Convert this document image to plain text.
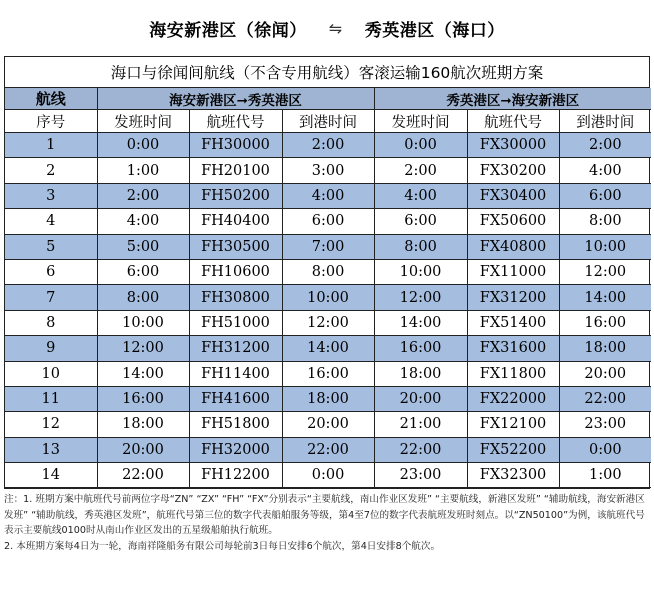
海安新港区（徐闻） ⇋ 秀英港区（海口）
海口与徐闻间航线（不含专用航线）客滚运输160航次班期方案
航线	海安新港区➞秀英港区			秀英港区➞海安新港区		
序号	发班时间	航班代号	到港时间	发班时间	航班代号	到港时间
1	0:00	FH30000	2:00	0:00	FX30000	2:00
2	1:00	FH20100	3:00	2:00	FX30200	4:00
3	2:00	FH50200	4:00	4:00	FX30400	6:00
4	4:00	FH40400	6:00	6:00	FX50600	8:00
5	5:00	FH30500	7:00	8:00	FX40800	10:00
6	6:00	FH10600	8:00	10:00	FX11000	12:00
7	8:00	FH30800	10:00	12:00	FX31200	14:00
8	10:00	FH51000	12:00	14:00	FX51400	16:00
9	12:00	FH31200	14:00	16:00	FX31600	18:00
10	14:00	FH11400	16:00	18:00	FX11800	20:00
11	16:00	FH41600	18:00	20:00	FX22000	22:00
12	18:00	FH51800	20:00	21:00	FX12100	23:00
13	20:00	FH32000	22:00	22:00	FX52200	0:00
14	22:00	FH12200	0:00	23:00	FX32300	1:00

注：1. 班期方案中航班代号前两位字母“ZN” “ZX” “FH” “FX”分别表示“主要航线，南山作业区发班” “主要航线，新港区发班” “辅助航线，海安新港区发班” “辅助航线，秀英港区发班”，航班代号第三位的数字代表船舶服务等级，第4至7位的数字代表航班发班时刻点。以“ZN50100”为例，该航班代号表示主要航线0100时从南山作业区发出的五星级船舶执行航班。

2. 本班期方案每4日为一轮，海南祥隆船务有限公司每轮前3日每日安排6个航次，第4日安排8个航次。
